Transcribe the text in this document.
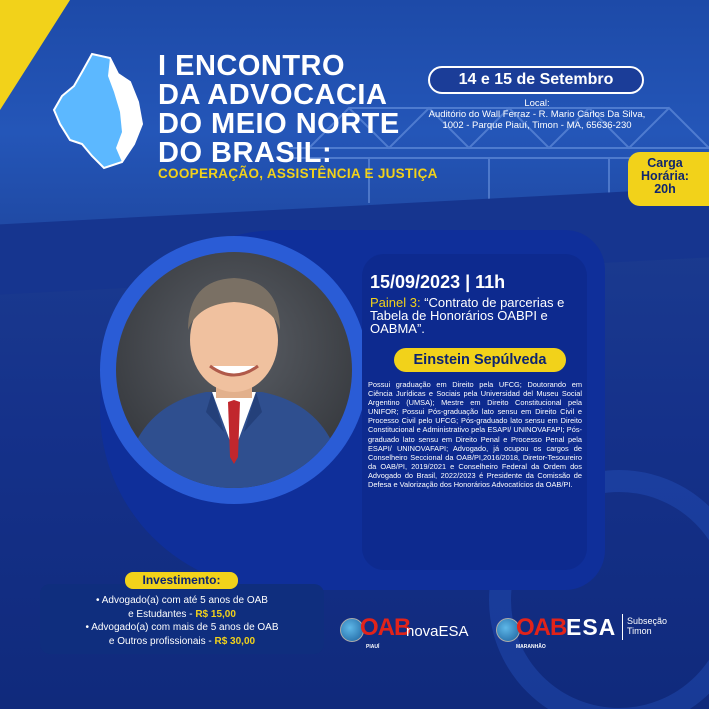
I ENCONTRO
DA ADVOCACIA
DO MEIO NORTE
DO BRASIL:
COOPERAÇÃO, ASSISTÊNCIA E JUSTIÇA
14 e 15 de Setembro
Local:
Auditório do Wall Ferraz - R. Mario Carlos Da Silva,
1002 - Parque Piauí, Timon - MA, 65636-230
Carga
Horária:
20h
15/09/2023 | 11h
Painel 3: “Contrato de parcerias e Tabela de Honorários OABPI e OABMA”.
Einstein Sepúlveda
Possui graduação em Direito pela UFCG; Doutorando em Ciência Jurídicas e Sociais pela Universidad del Museu Social Argentino (UMSA); Mestre em Direito Constitucional pela UNIFOR; Possui Pós-graduação lato sensu em Direito Civil e Processo Civil pelo UFCG; Pós-graduado lato sensu em Direito Constitucional e Administrativo pela ESAPI/ UNINOVAFAPI; Pós-graduado lato sensu em Direito Penal e Processo Penal pela ESAPI/ UNINOVAFAPI; Advogado, já ocupou os cargos de Conselheiro Seccional da OAB/PI,2016/2018, Diretor-Tesoureiro da OAB/PI, 2019/2021 e Conselheiro Federal da Ordem dos Advogado do Brasil, 2022/2023 é Presidente da Comissão de Defesa e Valorização dos Honorários Advocatícios da OAB/PI.
Investimento:
• Advogado(a) com até 5 anos de OAB
e Estudantes - R$ 15,00
• Advogado(a) com mais de 5 anos de OAB
e Outros profissionais - R$ 30,00	OAB
PIAUÍ
novaESA OAB
MARANHÃO
ESA Subseção
Timon
